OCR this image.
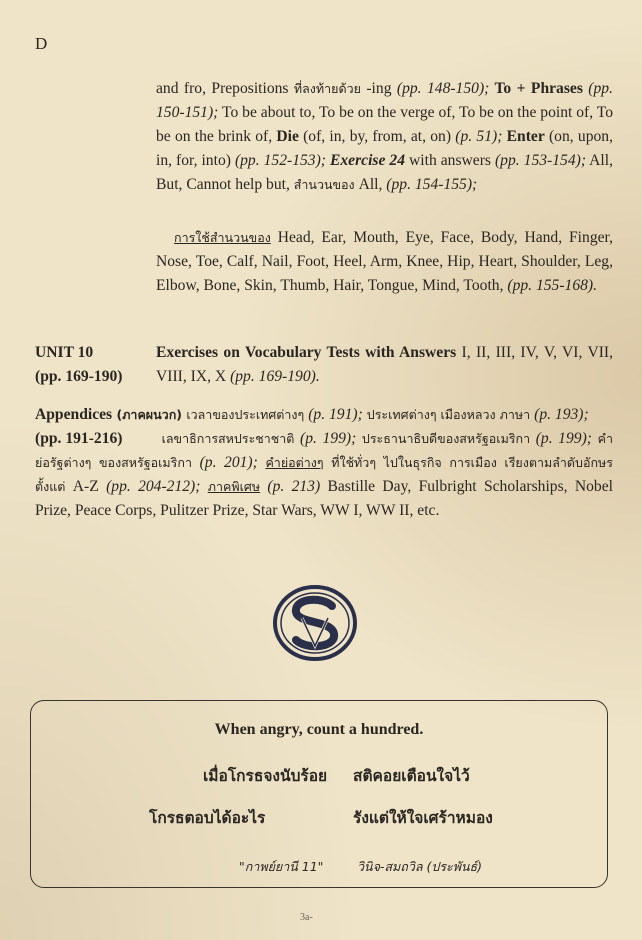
D
and fro, Prepositions ที่ลงท้ายด้วย -ing (pp. 148-150); To + Phrases (pp. 150-151); To be about to, To be on the verge of, To be on the point of, To be on the brink of, Die (of, in, by, from, at, on) (p. 51); Enter (on, upon, in, for, into) (pp. 152-153); Exercise 24 with answers (pp. 153-154); All, But, Cannot help but, สำนวนของ All, (pp. 154-155);
การใช้สำนวนของ Head, Ear, Mouth, Eye, Face, Body, Hand, Finger, Nose, Toe, Calf, Nail, Foot, Heel, Arm, Knee, Hip, Heart, Shoulder, Leg, Elbow, Bone, Skin, Thumb, Hair, Tongue, Mind, Tooth, (pp. 155-168).
UNIT 10
(pp. 169-190)
Exercises on Vocabulary Tests with Answers I, II, III, IV, V, VI, VII, VIII, IX, X (pp. 169-190).
(pp. 191-216)
Appendices (ภาคผนวก) เวลาของประเทศต่างๆ (p. 191); ประเทศต่างๆ เมืองหลวง ภาษา (p. 193);
เลขาธิการสหประชาชาติ (p. 199); ประธานาธิบดีของสหรัฐอเมริกา (p. 199); คำย่อรัฐต่างๆ ของสหรัฐอเมริกา (p. 201); คำย่อต่างๆ ที่ใช้ทั่วๆ ไปในธุรกิจ การเมือง เรียงตามลำดับอักษรตั้งแต่ A-Z (pp. 204-212); ภาคพิเศษ (p. 213) Bastille Day, Fulbright Scholarships, Nobel Prize, Peace Corps, Pulitzer Prize, Star Wars, WW I, WW II, etc.
When angry, count a hundred.
เมื่อโกรธจงนับร้อย สติคอยเตือนใจไว้
โกรธตอบได้อะไร	รังแต่ให้ใจเศร้าหมอง
"กาพย์ยานี 11"	วินิจ-สมถวิล (ประพันธ์)
3a-
